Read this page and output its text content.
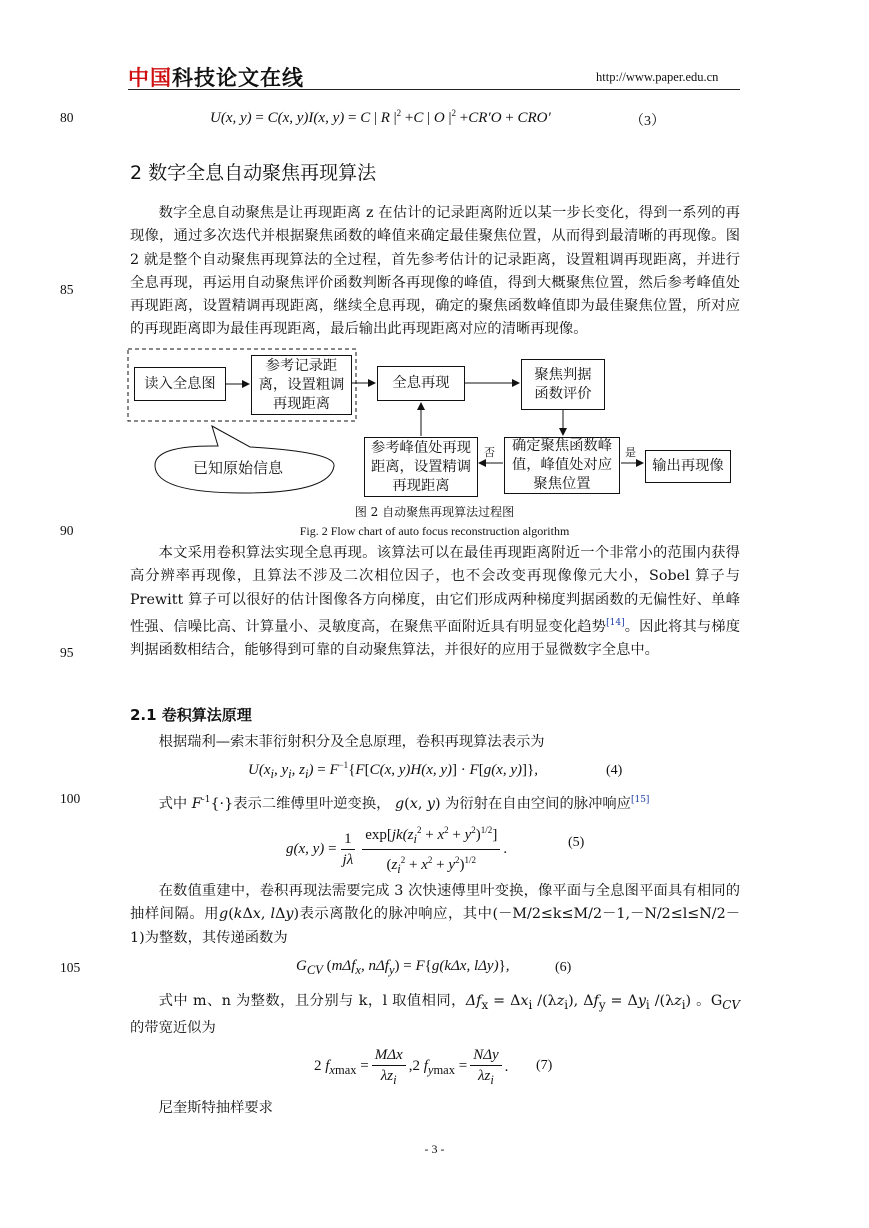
中国科技论文在线	http://www.paper.edu.cn
80
85
90
95
100
105
U(x, y) = C(x, y)I(x, y) = C | R $|^2 +C$ | O $|^2 +CR'O + CRO'$	（3）
2 数字全息自动聚焦再现算法

数字全息自动聚焦是让再现距离 z 在估计的记录距离附近以某一步长变化，得到一系列的再现像，通过多次迭代并根据聚焦函数的峰值来确定最佳聚焦位置，从而得到最清晰的再现像。图 2 就是整个自动聚焦再现算法的全过程，首先参考估计的记录距离，设置粗调再现距离，并进行全息再现，再运用自动聚焦评价函数判断各再现像的峰值，得到大概聚焦位置，然后参考峰值处再现距离，设置精调再现距离，继续全息再现，确定的聚焦函数峰值即为最佳聚焦位置，所对应的再现距离即为最佳再现距离，最后输出此再现距离对应的清晰再现像。

读入全息图
参考记录距离，设置粗调再现距离
全息再现
聚焦判据函数评价
参考峰值处再现距离，设置精调再现距离
确定聚焦函数峰值，峰值处对应聚焦位置
输出再现像
已知原始信息
否	是
图 2 自动聚焦再现算法过程图
Fig. 2 Flow chart of auto focus reconstruction algorithm

本文采用卷积算法实现全息再现。该算法可以在最佳再现距离附近一个非常小的范围内获得高分辨率再现像，且算法不涉及二次相位因子，也不会改变再现像像元大小，Sobel 算子与 Prewitt 算子可以很好的估计图像各方向梯度，由它们形成两种梯度判据函数的无偏性好、单峰性强、信噪比高、计算量小、灵敏度高，在聚焦平面附近具有明显变化趋势[14]。因此将其与梯度判据函数相结合，能够得到可靠的自动聚焦算法，并很好的应用于显微数字全息中。

2.1 卷积算法原理

根据瑞利—索末菲衍射积分及全息原理，卷积再现算法表示为

$U(x_i$, $y_i$, $z_i) = F^{-1}\{F[C(x$, y)H(x, y)] · F[g(x, y)]},	(4)

式中 $F^{-1}\{\cdot\}$表示二维傅里叶逆变换， g(x, y) 为衍射在自由空间的脉冲响应[15]

g(x, $y) = \frac{1}{j\lambda} \frac{\exp[jk(z_i^2 + x^2 + y^2)^{1/2}]}{(z_i^2 + x^2 + y^2)^{1/2}}$ .	(5)

在数值重建中，卷积再现法需要完成 3 次快速傅里叶变换，像平面与全息图平面具有相同的抽样间隔。用g(kΔx, lΔy)表示离散化的脉冲响应，其中(－M/2≤k≤M/2－1,－N/2≤l≤N/2－1)为整数，其传递函数为

$G_{CV}$ (mΔf$_x$, nΔf$_y$) = F{g(kΔx, lΔy)},	(6)

式中 m、n 为整数，且分别与 k，l 取值相同，$\Delta f_x = \Delta x_i$ $/(\lambda z_i)$, $\Delta f_y = \Delta y_i$ $/(\lambda z_i)$ 。$G_{CV}$的带宽近似为

2 $f_{xmax} = \frac{\text{MΔx}}{\lambda z_i} ,2$ $f_{ymax} = \frac{\text{NΔy}}{\lambda z_i}$ . (7)

尼奎斯特抽样要求

- 3 -
